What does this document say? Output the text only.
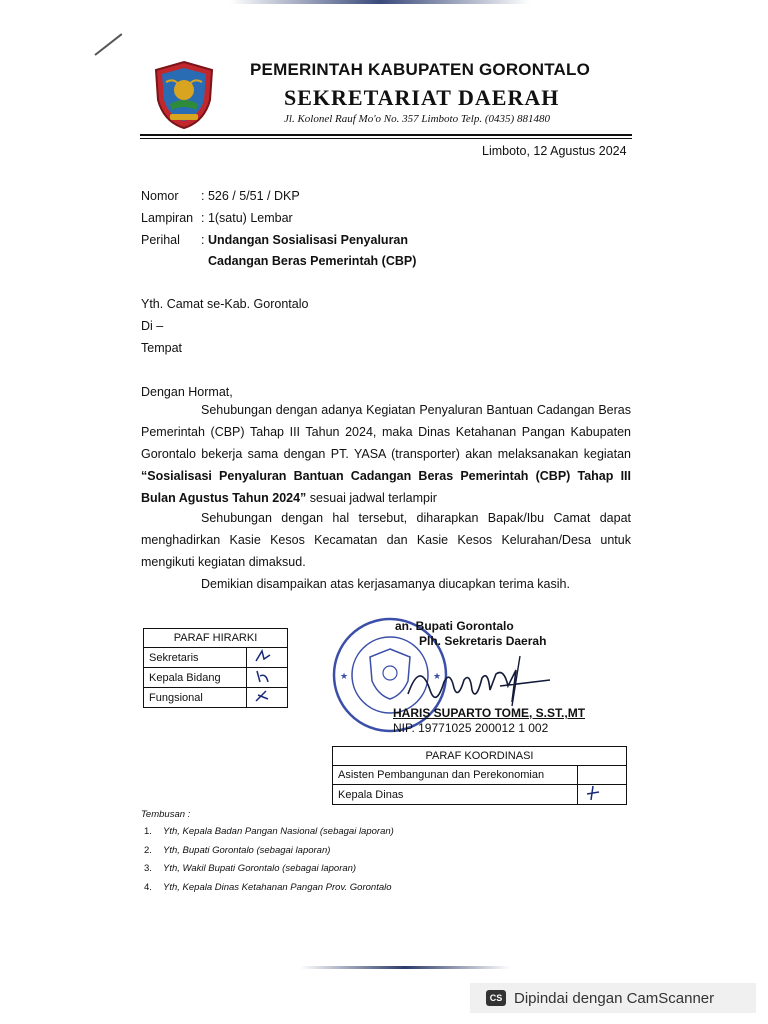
PEMERINTAH KABUPATEN GORONTALO
SEKRETARIAT DAERAH
Jl. Kolonel Rauf Mo'o No. 357 Limboto Telp. (0435) 881480
Limboto, 12 Agustus 2024
Nomor : 526 / 5/51 / DKP
Lampiran : 1(satu) Lembar
Perihal : Undangan Sosialisasi Penyaluran
Cadangan Beras Pemerintah (CBP)
Yth. Camat se-Kab. Gorontalo
Di –
Tempat
Dengan Hormat,
Sehubungan dengan adanya Kegiatan Penyaluran Bantuan Cadangan Beras Pemerintah (CBP) Tahap III Tahun 2024, maka Dinas Ketahanan Pangan Kabupaten Gorontalo bekerja sama dengan PT. YASA (transporter) akan melaksanakan kegiatan “Sosialisasi Penyaluran Bantuan Cadangan Beras Pemerintah (CBP) Tahap III Bulan Agustus Tahun 2024” sesuai jadwal terlampir
Sehubungan dengan hal tersebut, diharapkan Bapak/Ibu Camat dapat menghadirkan Kasie Kesos Kecamatan dan Kasie Kesos Kelurahan/Desa untuk mengikuti kegiatan dimaksud.
Demikian disampaikan atas kerjasamanya diucapkan terima kasih.
PARAF HIRARKI	
Sekretaris	
Kepala Bidang	
Fungsional	
★	★
an. Bupati Gorontalo
Plh. Sekretaris Daerah
HARIS SUPARTO TOME, S.ST.,MT
NIP. 19771025 200012 1 002
PARAF KOORDINASI	
Asisten Pembangunan dan Perekonomian	
Kepala Dinas	
Tembusan :
1. Yth, Kepala Badan Pangan Nasional (sebagai laporan)
2. Yth, Bupati Gorontalo (sebagai laporan)
3. Yth, Wakil Bupati Gorontalo (sebagai laporan)
4. Yth, Kepala Dinas Ketahanan Pangan Prov. Gorontalo
CS Dipindai dengan CamScanner
